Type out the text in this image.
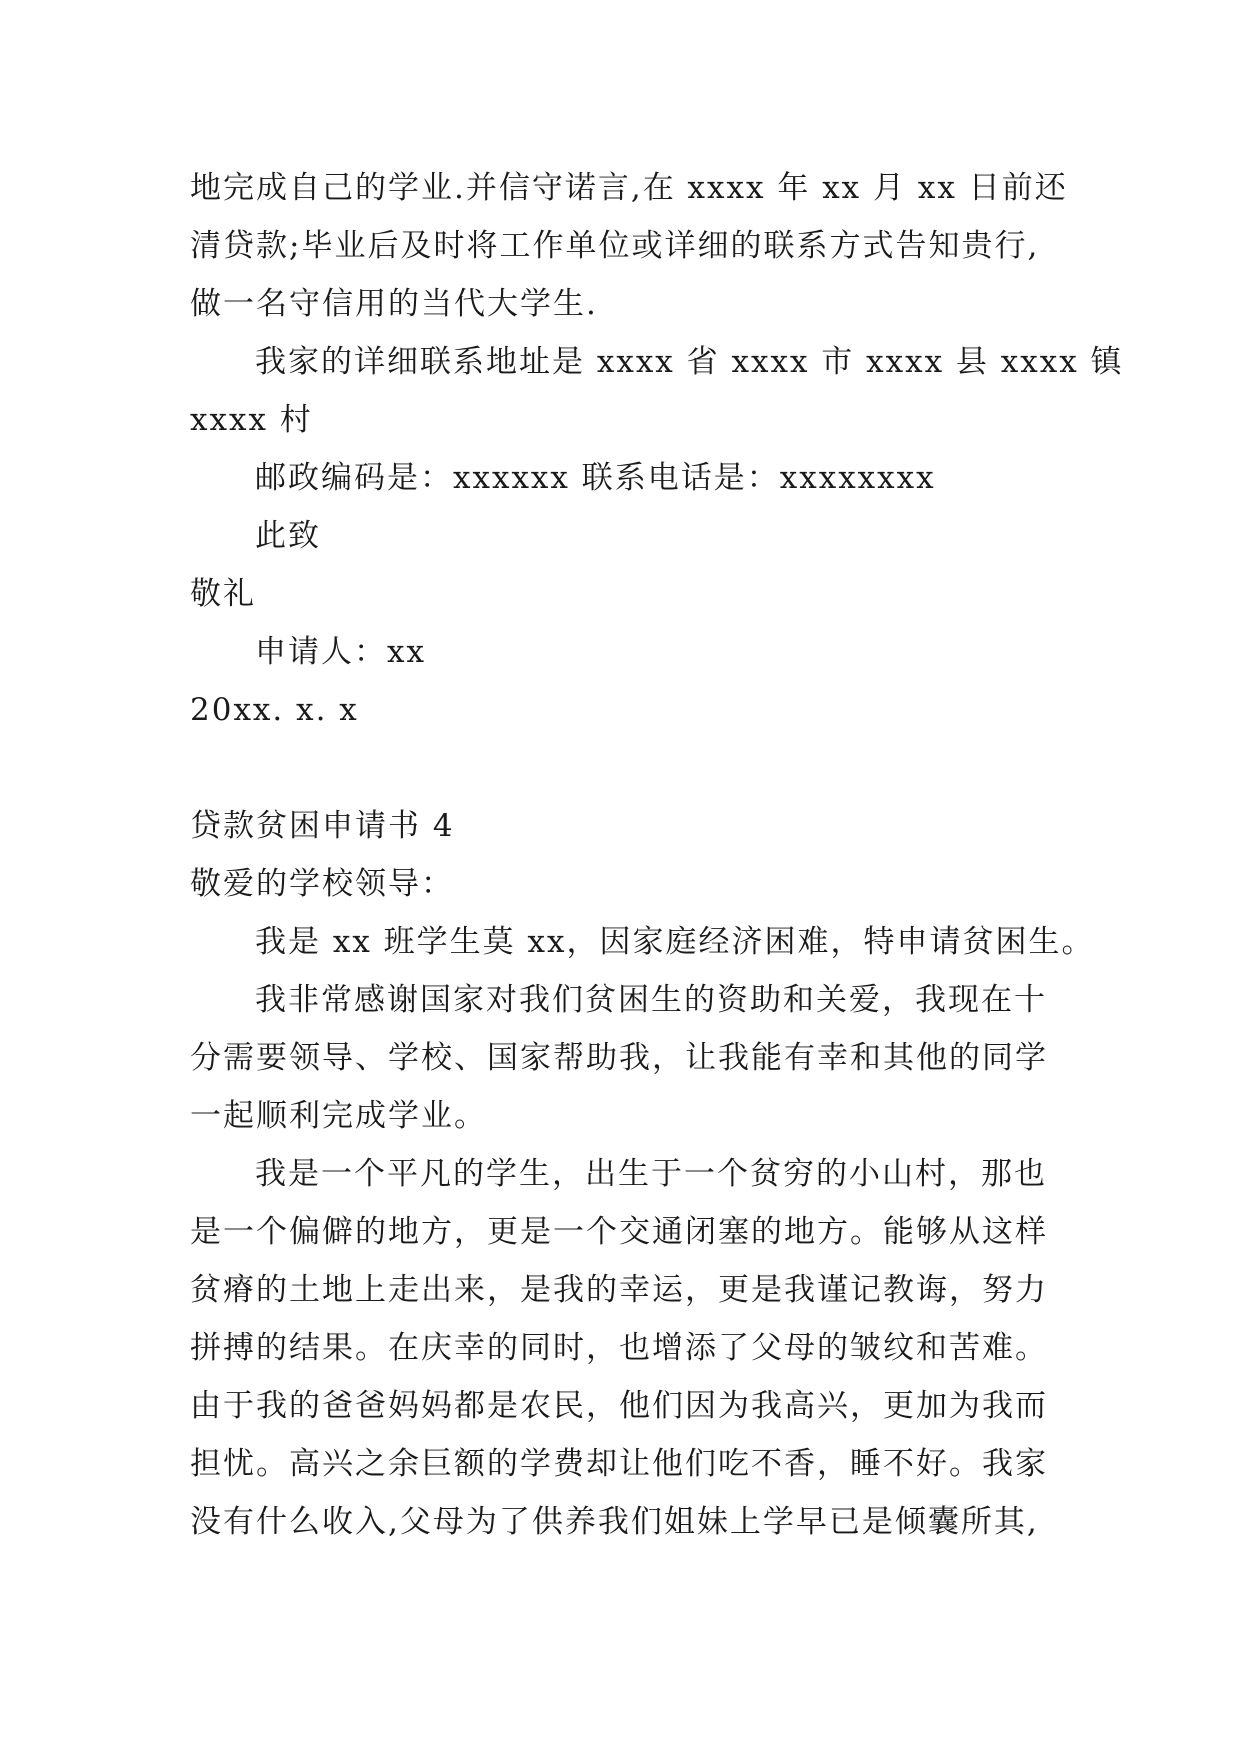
地完成自己的学业.并信守诺言,在 xxxx 年 xx 月 xx 日前还
清贷款;毕业后及时将工作单位或详细的联系方式告知贵行,
做一名守信用的当代大学生.
我家的详细联系地址是 xxxx 省 xxxx 市 xxxx 县 xxxx 镇
xxxx 村
邮政编码是：xxxxxx 联系电话是：xxxxxxxx
此致
敬礼
申请人：xx
20xx. x. x
贷款贫困申请书 4
敬爱的学校领导：
我是 xx 班学生莫 xx，因家庭经济困难，特申请贫困生。
我非常感谢国家对我们贫困生的资助和关爱，我现在十
分需要领导、学校、国家帮助我，让我能有幸和其他的同学
一起顺利完成学业。
我是一个平凡的学生，出生于一个贫穷的小山村，那也
是一个偏僻的地方，更是一个交通闭塞的地方。能够从这样
贫瘠的土地上走出来，是我的幸运，更是我谨记教诲，努力
拼搏的结果。在庆幸的同时，也增添了父母的皱纹和苦难。
由于我的爸爸妈妈都是农民，他们因为我高兴，更加为我而
担忧。高兴之余巨额的学费却让他们吃不香，睡不好。我家
没有什么收入,父母为了供养我们姐妹上学早已是倾囊所其,
